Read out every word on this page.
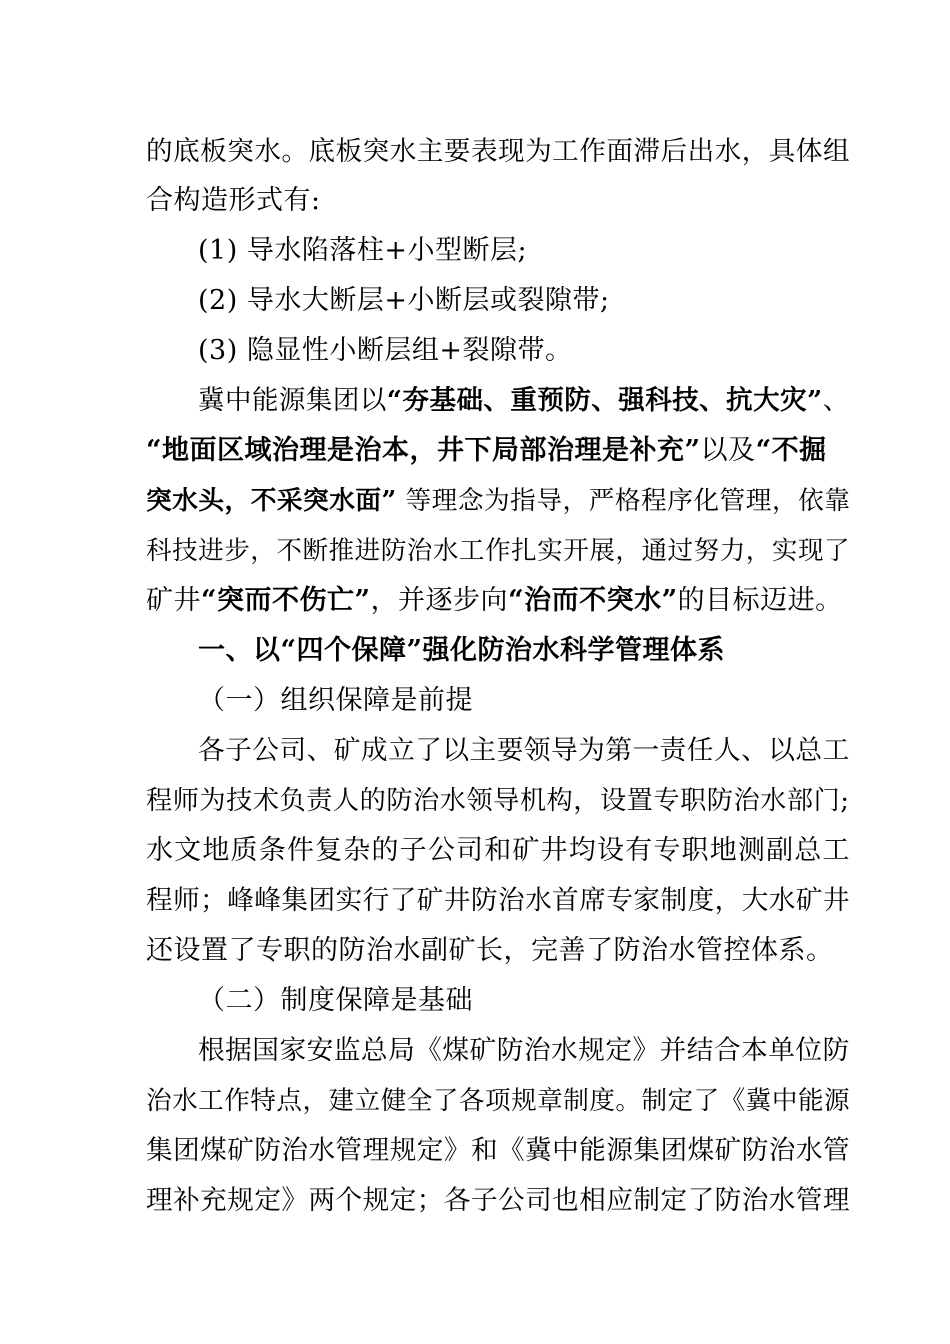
的底板突水。底板突水主要表现为工作面滞后出水，具体组
合构造形式有:
(1) 导水陷落柱+小型断层;
(2) 导水大断层+小断层或裂隙带;
(3) 隐显性小断层组+裂隙带。
冀中能源集团以“夯基础、重预防、强科技、抗大灾”、
“地面区域治理是治本，井下局部治理是补充”以及“不掘
突水头，不采突水面” 等理念为指导，严格程序化管理，依靠
科技进步，不断推进防治水工作扎实开展，通过努力，实现了
矿井“突而不伤亡”，并逐步向“治而不突水”的目标迈进。
一、以“四个保障”强化防治水科学管理体系
（一）组织保障是前提
各子公司、矿成立了以主要领导为第一责任人、以总工
程师为技术负责人的防治水领导机构，设置专职防治水部门;
水文地质条件复杂的子公司和矿井均设有专职地测副总工
程师；峰峰集团实行了矿井防治水首席专家制度，大水矿井
还设置了专职的防治水副矿长，完善了防治水管控体系。
（二）制度保障是基础
根据国家安监总局《煤矿防治水规定》并结合本单位防
治水工作特点，建立健全了各项规章制度。制定了《冀中能源
集团煤矿防治水管理规定》和《冀中能源集团煤矿防治水管
理补充规定》两个规定；各子公司也相应制定了防治水管理
